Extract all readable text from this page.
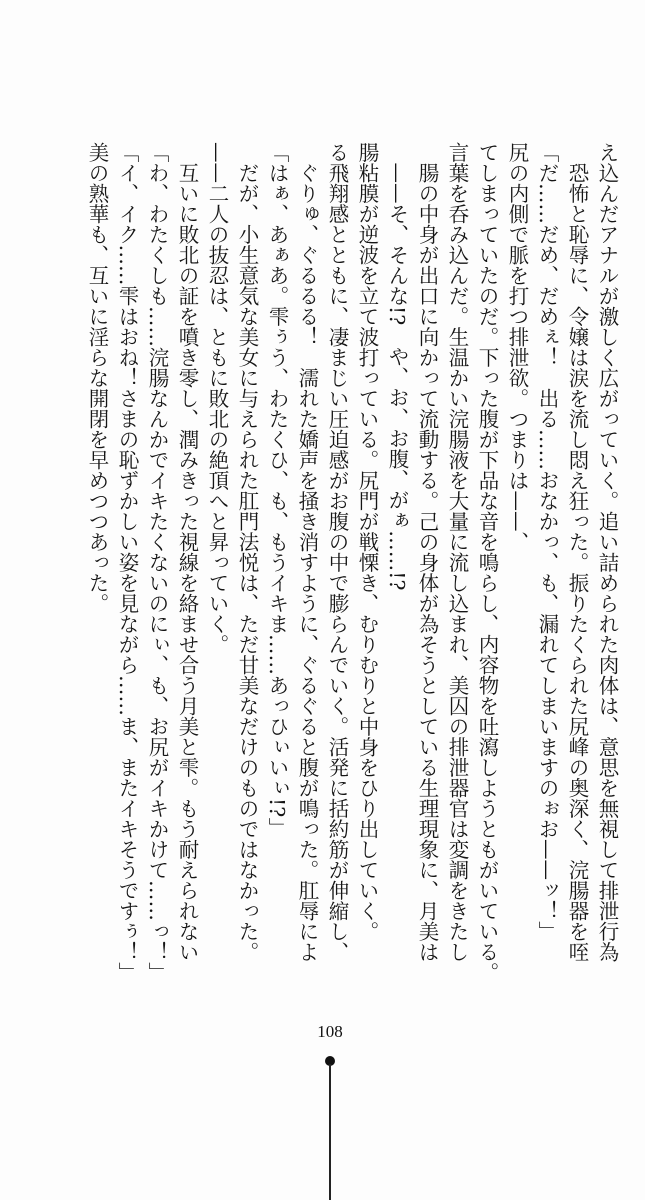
美の熟華も、互いに淫らな開閉を早めつつあった。 「イ、イク……雫はおね！さまの恥ずかしい姿を見ながら……ま、またイキそうですぅ！」 「わ、わたくしも……浣腸なんかでイキたくないのにぃ、も、お尻がイキかけて……っ！」 　互いに敗北の証を噴き零し、潤みきった視線を絡ませ合う月美と雫。もう耐えられない ——二人の抜忍は、ともに敗北の絶頂へと昇っていく。 　だが、小生意気な美女に与えられた肛門法悦は、ただ甘美なだけのものではなかった。 「はぁ、あぁあ。雫ぅう、わたくひ、も、もうイキま……あっひぃいぃ!?」 　ぐりゅ、ぐるるる！　濡れた嬌声を掻き消すように、ぐるぐると腹が鳴った。肛辱によ る飛翔感とともに、凄まじい圧迫感がお腹の中で膨らんでいく。活発に括約筋が伸縮し、 腸粘膜が逆波を立て波打っている。尻門が戦慄き、むりむりと中身をひり出していく。 　——そ、そんな!?　や、お、お腹、がぁ……!? 　腸の中身が出口に向かって流動する。己の身体が為そうとしている生理現象に、月美は 言葉を呑み込んだ。生温かい浣腸液を大量に流し込まれ、美囚の排泄器官は変調をきたし てしまっていたのだ。下った腹が下品な音を鳴らし、内容物を吐瀉しようともがいている。 尻の内側で脈を打つ排泄欲。つまりは——、 「だ……だめ、だめぇ！　出る……おなかっ、も、漏れてしまいますのぉお——ッ！」 　恐怖と恥辱に、令嬢は涙を流し悶え狂った。振りたくられた尻峰の奥深く、浣腸器を咥 え込んだアナルが激しく広がっていく。追い詰められた肉体は、意思を無視して排泄行為
108
